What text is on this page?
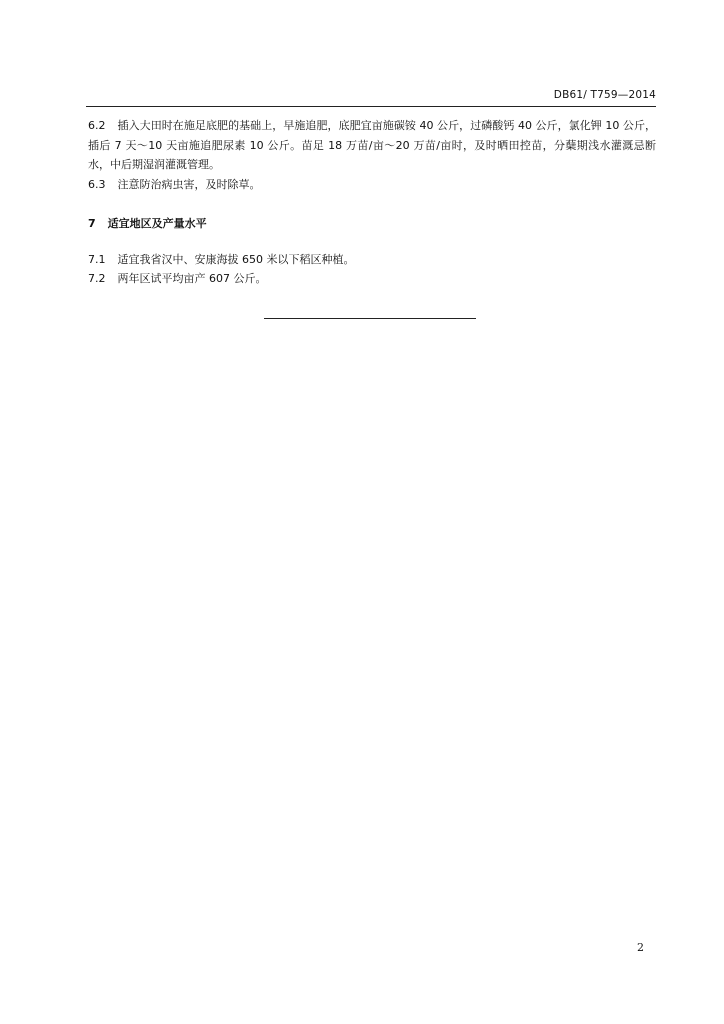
DB61/ T759—2014

6.2 插入大田时在施足底肥的基础上，早施追肥，底肥宜亩施碳铵 40 公斤，过磷酸钙 40 公斤，氯化钾 10 公斤，插后 7 天～10 天亩施追肥尿素 10 公斤。苗足 18 万苗/亩～20 万苗/亩时，及时晒田控苗，分蘖期浅水灌溉忌断水，中后期湿润灌溉管理。

6.3 注意防治病虫害，及时除草。

7 适宜地区及产量水平

7.1 适宜我省汉中、安康海拔 650 米以下稻区种植。

7.2 两年区试平均亩产 607 公斤。

2
